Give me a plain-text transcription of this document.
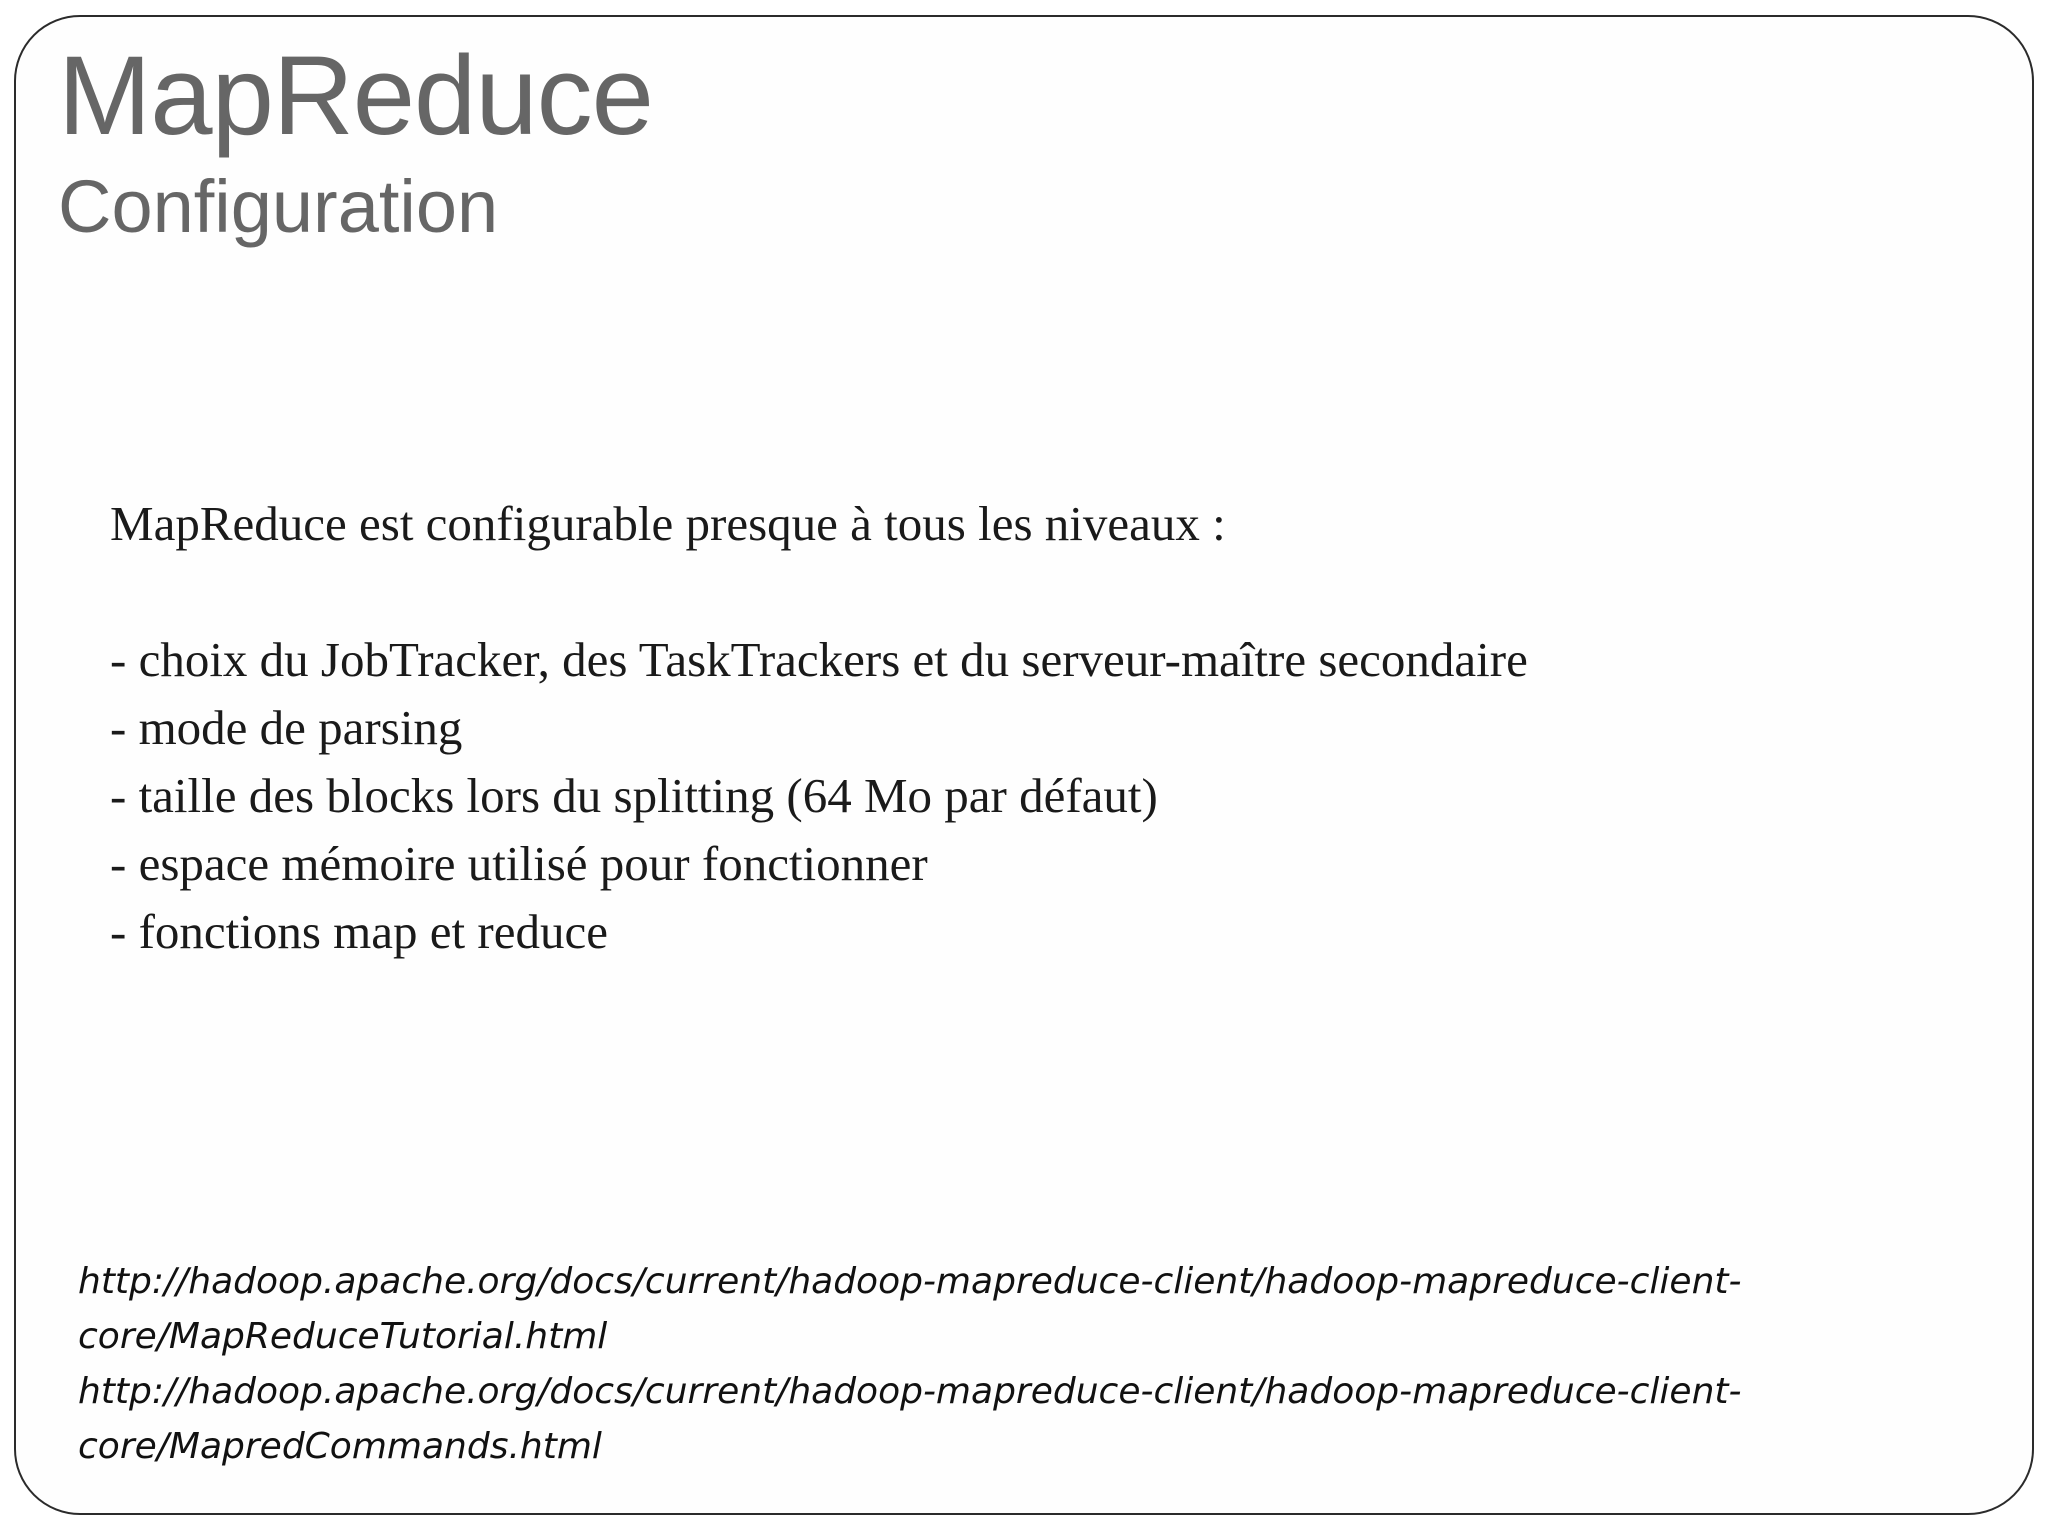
MapReduce
Configuration

MapReduce est configurable presque à tous les niveaux :

- choix du JobTracker, des TaskTrackers et du serveur-maître secondaire
- mode de parsing
- taille des blocks lors du splitting (64 Mo par défaut)
- espace mémoire utilisé pour fonctionner
- fonctions map et reduce

http://hadoop.apache.org/docs/current/hadoop-mapreduce-client/hadoop-mapreduce-client-

core/MapReduceTutorial.html

http://hadoop.apache.org/docs/current/hadoop-mapreduce-client/hadoop-mapreduce-client-

core/MapredCommands.html
